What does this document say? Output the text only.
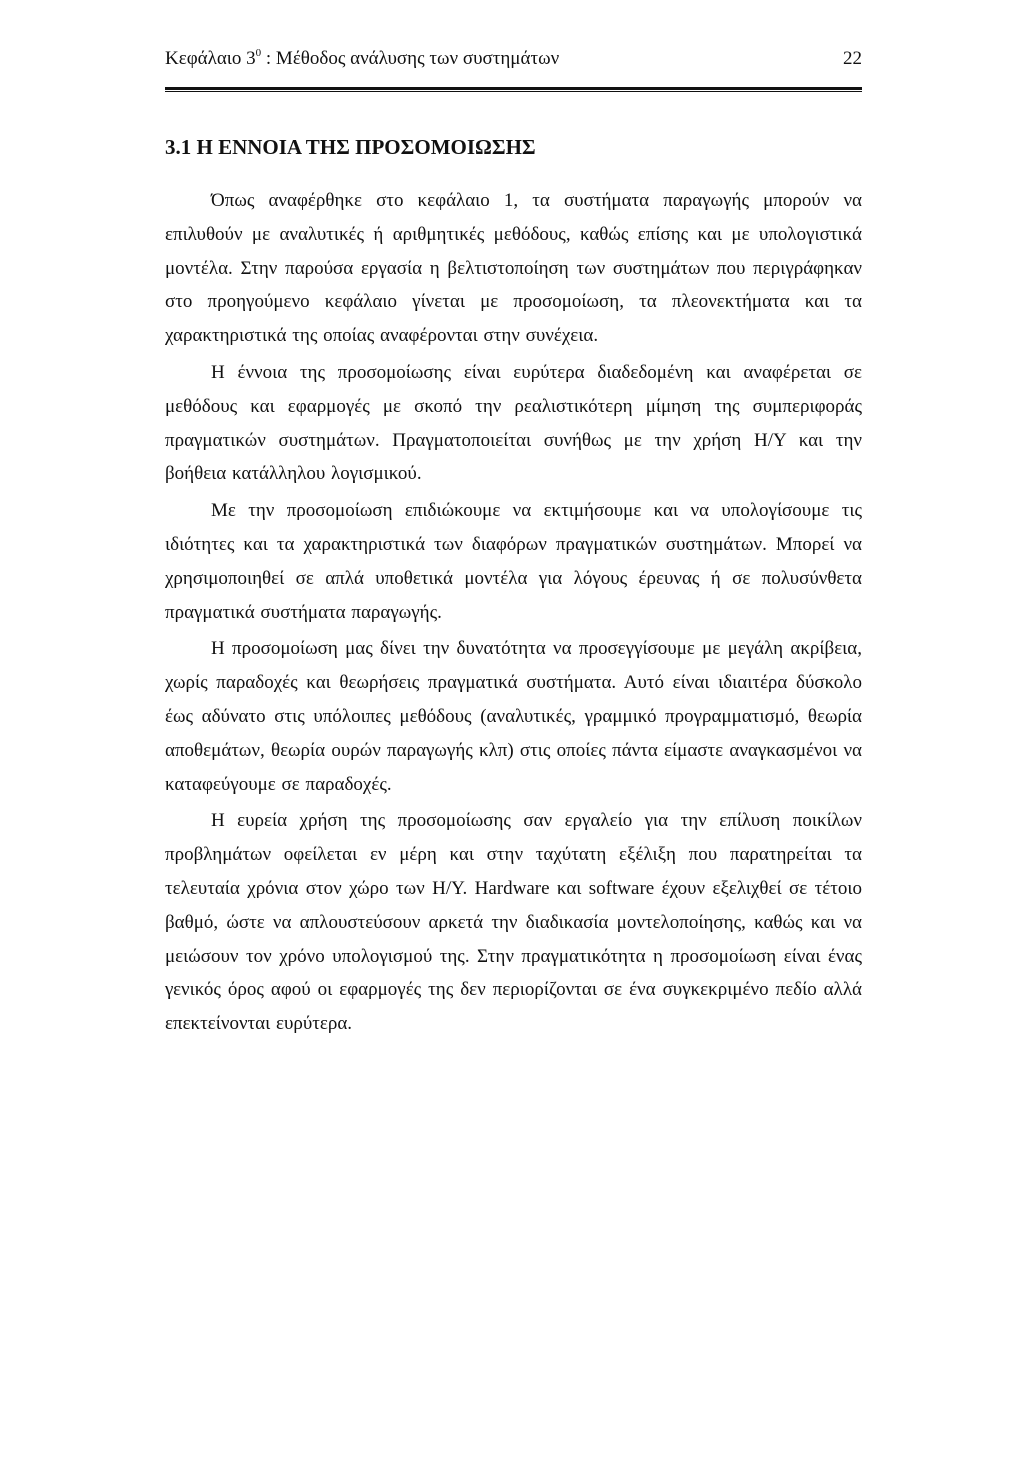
Κεφάλαιο $3^0$ : Μέθοδος ανάλυσης των συστημάτων	22
3.1 Η ΕΝΝΟΙΑ ΤΗΣ ΠΡΟΣΟΜΟΙΩΣΗΣ

Όπως αναφέρθηκε στο κεφάλαιο 1, τα συστήματα παραγωγής μπορούν να επιλυθούν με αναλυτικές ή αριθμητικές μεθόδους, καθώς επίσης και με υπολογιστικά μοντέλα. Στην παρούσα εργασία η βελτιστοποίηση των συστημάτων που περιγράφηκαν στο προηγούμενο κεφάλαιο γίνεται με προσομοίωση, τα πλεονεκτήματα και τα χαρακτηριστικά της οποίας αναφέρονται στην συνέχεια.

Η έννοια της προσομοίωσης είναι ευρύτερα διαδεδομένη και αναφέρεται σε μεθόδους και εφαρμογές με σκοπό την ρεαλιστικότερη μίμηση της συμπεριφοράς πραγματικών συστημάτων. Πραγματοποιείται συνήθως με την χρήση Η/Υ και την βοήθεια κατάλληλου λογισμικού.

Με την προσομοίωση επιδιώκουμε να εκτιμήσουμε και να υπολογίσουμε τις ιδιότητες και τα χαρακτηριστικά των διαφόρων πραγματικών συστημάτων. Μπορεί να χρησιμοποιηθεί σε απλά υποθετικά μοντέλα για λόγους έρευνας ή σε πολυσύνθετα πραγματικά συστήματα παραγωγής.

Η προσομοίωση μας δίνει την δυνατότητα να προσεγγίσουμε με μεγάλη ακρίβεια, χωρίς παραδοχές και θεωρήσεις πραγματικά συστήματα. Αυτό είναι ιδιαιτέρα δύσκολο έως αδύνατο στις υπόλοιπες μεθόδους (αναλυτικές, γραμμικό προγραμματισμό, θεωρία αποθεμάτων, θεωρία ουρών παραγωγής κλπ) στις οποίες πάντα είμαστε αναγκασμένοι να καταφεύγουμε σε παραδοχές.

Η ευρεία χρήση της προσομοίωσης σαν εργαλείο για την επίλυση ποικίλων προβλημάτων οφείλεται εν μέρη και στην ταχύτατη εξέλιξη που παρατηρείται τα τελευταία χρόνια στον χώρο των Η/Υ. Hardware και software έχουν εξελιχθεί σε τέτοιο βαθμό, ώστε να απλουστεύσουν αρκετά την διαδικασία μοντελοποίησης, καθώς και να μειώσουν τον χρόνο υπολογισμού της. Στην πραγματικότητα η προσομοίωση είναι ένας γενικός όρος αφού οι εφαρμογές της δεν περιορίζονται σε ένα συγκεκριμένο πεδίο αλλά επεκτείνονται ευρύτερα.
